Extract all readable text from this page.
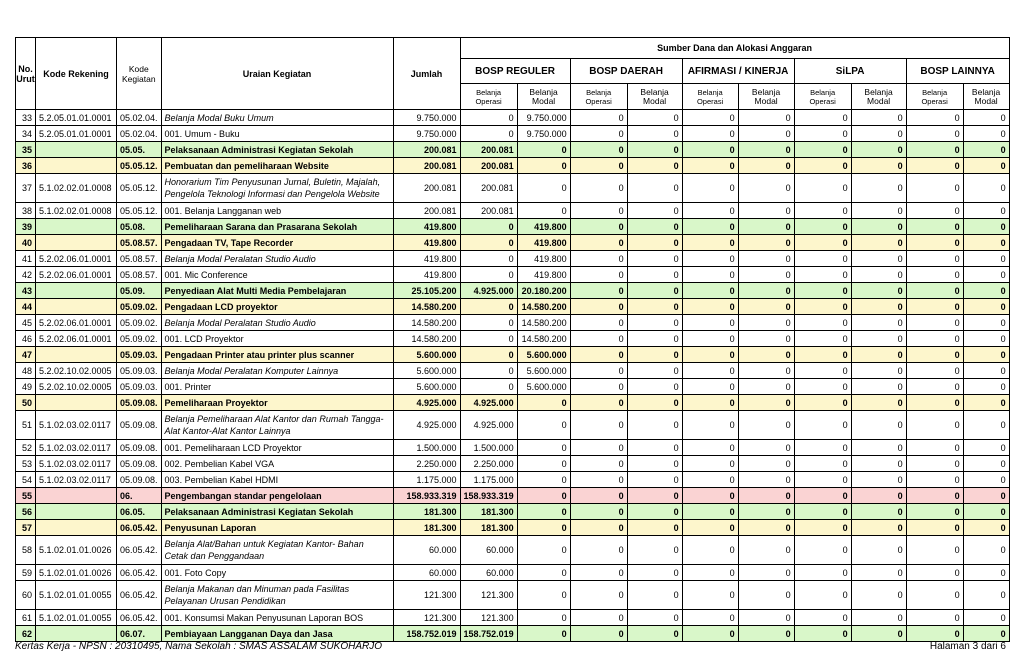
No. Urut	Kode Rekening	Kode Kegiatan	Uraian Kegiatan	Jumlah	Sumber Dana dan Alokasi Anggaran									
					BOSP REGULER		BOSP DAERAH		AFIRMASI / KINERJA		SiLPA		BOSP LAINNYA	
					Belanja Operasi	Belanja Modal	Belanja Operasi	Belanja Modal	Belanja Operasi	Belanja Modal	Belanja Operasi	Belanja Modal	Belanja Operasi	Belanja Modal
33	5.2.05.01.01.0001	05.02.04.	Belanja Modal Buku Umum	9.750.000	0	9.750.000	0	0	0	0	0	0	0	0
34	5.2.05.01.01.0001	05.02.04.	001. Umum - Buku	9.750.000	0	9.750.000	0	0	0	0	0	0	0	0
35		05.05.	Pelaksanaan Administrasi Kegiatan Sekolah	200.081	200.081	0	0	0	0	0	0	0	0	0
36		05.05.12.	Pembuatan dan pemeliharaan Website	200.081	200.081	0	0	0	0	0	0	0	0	0
37	5.1.02.02.01.0008	05.05.12.	Honorarium Tim Penyusunan Jurnal, Buletin, Majalah, Pengelola Teknologi Informasi dan Pengelola Website	200.081	200.081	0	0	0	0	0	0	0	0	0
38	5.1.02.02.01.0008	05.05.12.	001. Belanja Langganan web	200.081	200.081	0	0	0	0	0	0	0	0	0
39		05.08.	Pemeliharaan Sarana dan Prasarana Sekolah	419.800	0	419.800	0	0	0	0	0	0	0	0
40		05.08.57.	Pengadaan TV, Tape Recorder	419.800	0	419.800	0	0	0	0	0	0	0	0
41	5.2.02.06.01.0001	05.08.57.	Belanja Modal Peralatan Studio Audio	419.800	0	419.800	0	0	0	0	0	0	0	0
42	5.2.02.06.01.0001	05.08.57.	001. Mic Conference	419.800	0	419.800	0	0	0	0	0	0	0	0
43		05.09.	Penyediaan Alat Multi Media Pembelajaran	25.105.200	4.925.000	20.180.200	0	0	0	0	0	0	0	0
44		05.09.02.	Pengadaan LCD proyektor	14.580.200	0	14.580.200	0	0	0	0	0	0	0	0
45	5.2.02.06.01.0001	05.09.02.	Belanja Modal Peralatan Studio Audio	14.580.200	0	14.580.200	0	0	0	0	0	0	0	0
46	5.2.02.06.01.0001	05.09.02.	001. LCD Proyektor	14.580.200	0	14.580.200	0	0	0	0	0	0	0	0
47		05.09.03.	Pengadaan Printer atau printer plus scanner	5.600.000	0	5.600.000	0	0	0	0	0	0	0	0
48	5.2.02.10.02.0005	05.09.03.	Belanja Modal Peralatan Komputer Lainnya	5.600.000	0	5.600.000	0	0	0	0	0	0	0	0
49	5.2.02.10.02.0005	05.09.03.	001. Printer	5.600.000	0	5.600.000	0	0	0	0	0	0	0	0
50		05.09.08.	Pemeliharaan Proyektor	4.925.000	4.925.000	0	0	0	0	0	0	0	0	0
51	5.1.02.03.02.0117	05.09.08.	Belanja Pemeliharaan Alat Kantor dan Rumah Tangga-Alat Kantor-Alat Kantor Lainnya	4.925.000	4.925.000	0	0	0	0	0	0	0	0	0
52	5.1.02.03.02.0117	05.09.08.	001. Pemeliharaan LCD Proyektor	1.500.000	1.500.000	0	0	0	0	0	0	0	0	0
53	5.1.02.03.02.0117	05.09.08.	002. Pembelian Kabel VGA	2.250.000	2.250.000	0	0	0	0	0	0	0	0	0
54	5.1.02.03.02.0117	05.09.08.	003. Pembelian Kabel HDMI	1.175.000	1.175.000	0	0	0	0	0	0	0	0	0
55		06.	Pengembangan standar pengelolaan	158.933.319	158.933.319	0	0	0	0	0	0	0	0	0
56		06.05.	Pelaksanaan Administrasi Kegiatan Sekolah	181.300	181.300	0	0	0	0	0	0	0	0	0
57		06.05.42.	Penyusunan Laporan	181.300	181.300	0	0	0	0	0	0	0	0	0
58	5.1.02.01.01.0026	06.05.42.	Belanja Alat/Bahan untuk Kegiatan Kantor- Bahan Cetak dan Penggandaan	60.000	60.000	0	0	0	0	0	0	0	0	0
59	5.1.02.01.01.0026	06.05.42.	001. Foto Copy	60.000	60.000	0	0	0	0	0	0	0	0	0
60	5.1.02.01.01.0055	06.05.42.	Belanja Makanan dan Minuman pada Fasilitas Pelayanan Urusan Pendidikan	121.300	121.300	0	0	0	0	0	0	0	0	0
61	5.1.02.01.01.0055	06.05.42.	001. Konsumsi Makan Penyusunan Laporan BOS	121.300	121.300	0	0	0	0	0	0	0	0	0
62		06.07.	Pembiayaan Langganan Daya dan Jasa	158.752.019	158.752.019	0	0	0	0	0	0	0	0	0
Kertas Kerja - NPSN : 20310495, Nama Sekolah : SMAS ASSALAM SUKOHARJO	Halaman 3 dari 6
